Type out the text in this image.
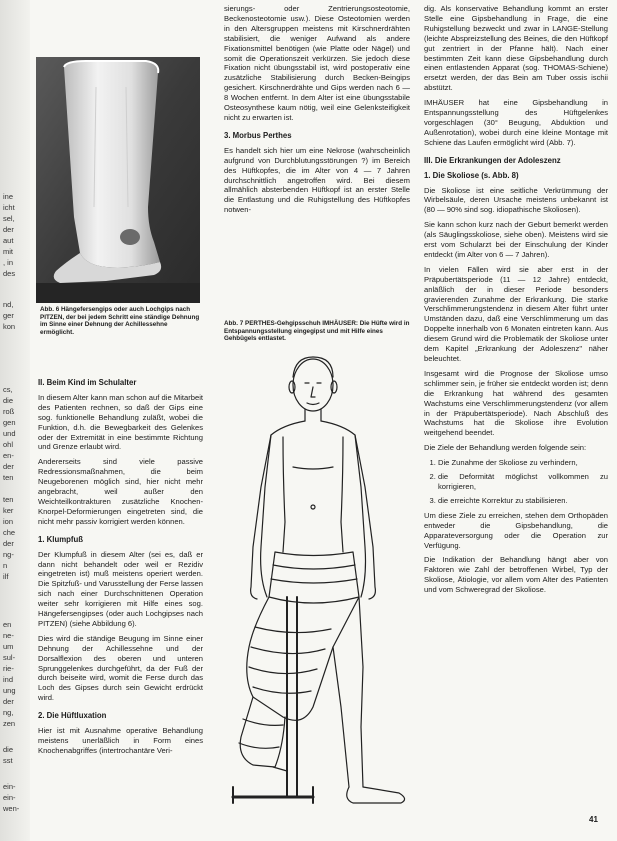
ine
icht
sel,
der
aut
mit
, in
des
nd,
ger
kon
cs,
die
roß
gen
und
ohl
en-
der
ten
ten
ker
ion
che
der
ng-
n
ilf
en
ne-
um
sul-
rie-
ind
ung
der
ng,
zen
die
sst
ein-
ein-
wen-
Abb. 6 Hängefersengips oder auch Lochgips nach PITZEN, der bei jedem Schritt eine ständige Dehnung im Sinne einer Dehnung der Achillessehne ermöglicht.
II. Beim Kind im Schulalter

In diesem Alter kann man schon auf die Mitarbeit des Patienten rechnen, so daß der Gips eine sog. funktionelle Behandlung zuläßt, wobei die Funktion, d.h. die Bewegbarkeit des Gelenkes oder der Extremität in eine bestimmte Richtung und Grenze erlaubt wird.

Andererseits sind viele passive Redressionsmaßnahmen, die beim Neugeborenen möglich sind, hier nicht mehr angebracht, weil außer den Weichteilkontrakturen zusätzliche Knochen-Knorpel-Deformierungen eingetreten sind, die nicht mehr passiv korrigiert werden können.

1. Klumpfuß

Der Klumpfuß in diesem Alter (sei es, daß er dann nicht behandelt oder weil er Rezidiv eingetreten ist) muß meistens operiert werden. Die Spitzfuß- und Varusstellung der Ferse lassen sich nach einer Durchschnittenen Operation weiter sehr korrigieren mit Hilfe eines sog. Hängefersengipses (oder auch Lochgipses nach PITZEN) (siehe Abbildung 6).

Dies wird die ständige Beugung im Sinne einer Dehnung der Achillessehne und der Dorsalflexion des oberen und unteren Sprunggelenkes durchgeführt, da der Fuß der durch beiseite wird, womit die Ferse durch das Loch des Gipses durch sein Gewicht erdrückt wird.

2. Die Hüftluxation

Hier ist mit Ausnahme operative Behandlung meistens unerläßlich in Form eines Knochenabgriffes (intertrochantäre Veri-

sierungs- oder Zentrierungsosteotomie, Beckenosteotomie usw.). Diese Osteotomien werden in den Altersgruppen meistens mit Kirschnerdrähten stabilisiert, die weniger Aufwand als andere Fixationsmittel benötigen (wie Platte oder Nägel) und somit die Operationszeit verkürzen. Sie jedoch diese Fixation nicht übungsstabil ist, wird postoperativ eine zusätzliche Stabilisierung durch Becken-Beingips gesichert. Kirschnerdrähte und Gips werden nach 6 — 8 Wochen entfernt. In dem Alter ist eine übungsstabile Osteosynthese kaum nötig, weil eine Gelenksteifigkeit nicht zu erwarten ist.

3. Morbus Perthes

Es handelt sich hier um eine Nekrose (wahrscheinlich aufgrund von Durchblutungsstörungen ?) im Bereich des Hüftkopfes, die im Alter von 4 — 7 Jahren durchschnittlich angetroffen wird. Bei diesem allmählich absterbenden Hüftkopf ist an erster Stelle die Entlastung und die Ruhigstellung des Hüftkopfes notwen-

Abb. 7 PERTHES-Gehgipsschuh IMHÄUSER: Die Hüfte wird in Entspannungsstellung eingegipst und mit Hilfe eines Gehbügels entlastet.

dig. Als konservative Behandlung kommt an erster Stelle eine Gipsbehandlung in Frage, die eine Ruhigstellung bezweckt und zwar in LANGE-Stellung (leichte Abspreizstellung des Beines, die den Hüftkopf gut zentriert in der Pfanne hält). Nach einer bestimmten Zeit kann diese Gipsbehandlung durch einen entlastenden Apparat (sog. THOMAS-Schiene) ersetzt werden, der das Bein am Tuber ossis ischii abstützt.

IMHÄUSER hat eine Gipsbehandlung in Entspannungsstellung des Hüftgelenkes vorgeschlagen (30° Beugung, Abduktion und Außenrotation), wobei durch eine kleine Montage mit Schiene das Laufen ermöglicht wird (Abb. 7).

III. Die Erkrankungen der Adoleszenz
1. Die Skoliose (s. Abb. 8)

Die Skoliose ist eine seitliche Verkrümmung der Wirbelsäule, deren Ursache meistens unbekannt ist (80 — 90% sind sog. idiopathische Skoliosen).

Sie kann schon kurz nach der Geburt bemerkt werden (als Säuglingsskoliose, siehe oben). Meistens wird sie erst vom Schularzt bei der Einschulung der Kinder entdeckt (im Alter von 6 — 7 Jahren).

In vielen Fällen wird sie aber erst in der Präpubertätsperiode (11 — 12 Jahre) entdeckt, anläßlich der in dieser Periode besonders gravierenden Zunahme der Erkrankung. Die starke Verschlimmerungstendenz in diesem Alter führt unter Umständen dazu, daß eine Verschlimmerung um das Doppelte innerhalb von 6 Monaten eintreten kann. Aus diesem Grund wird die Problematik der Skoliose unter dem Kapitel „Erkrankung der Adoleszenz" näher beleuchtet.

Insgesamt wird die Prognose der Skoliose umso schlimmer sein, je früher sie entdeckt worden ist; denn die Erkrankung hat während des gesamten Wachstums eine Verschlimmerungstendenz (vor allem in der Präpubertätsperiode). Nach Abschluß des Wachstums hat die Skoliose ihre Evolution weitgehend beendet.

Die Ziele der Behandlung werden folgende sein:

1. Die Zunahme der Skoliose zu verhindern,
2. die Deformität möglichst vollkommen zu korrigieren,
3. die erreichte Korrektur zu stabilisieren.

Um diese Ziele zu erreichen, stehen dem Orthopäden entweder die Gipsbehandlung, die Apparateversorgung oder die Operation zur Verfügung.

Die Indikation der Behandlung hängt aber von Faktoren wie Zahl der betroffenen Wirbel, Typ der Skoliose, Ätiologie, vor allem vom Alter des Patienten und vom Schweregrad der Skoliose.

41
